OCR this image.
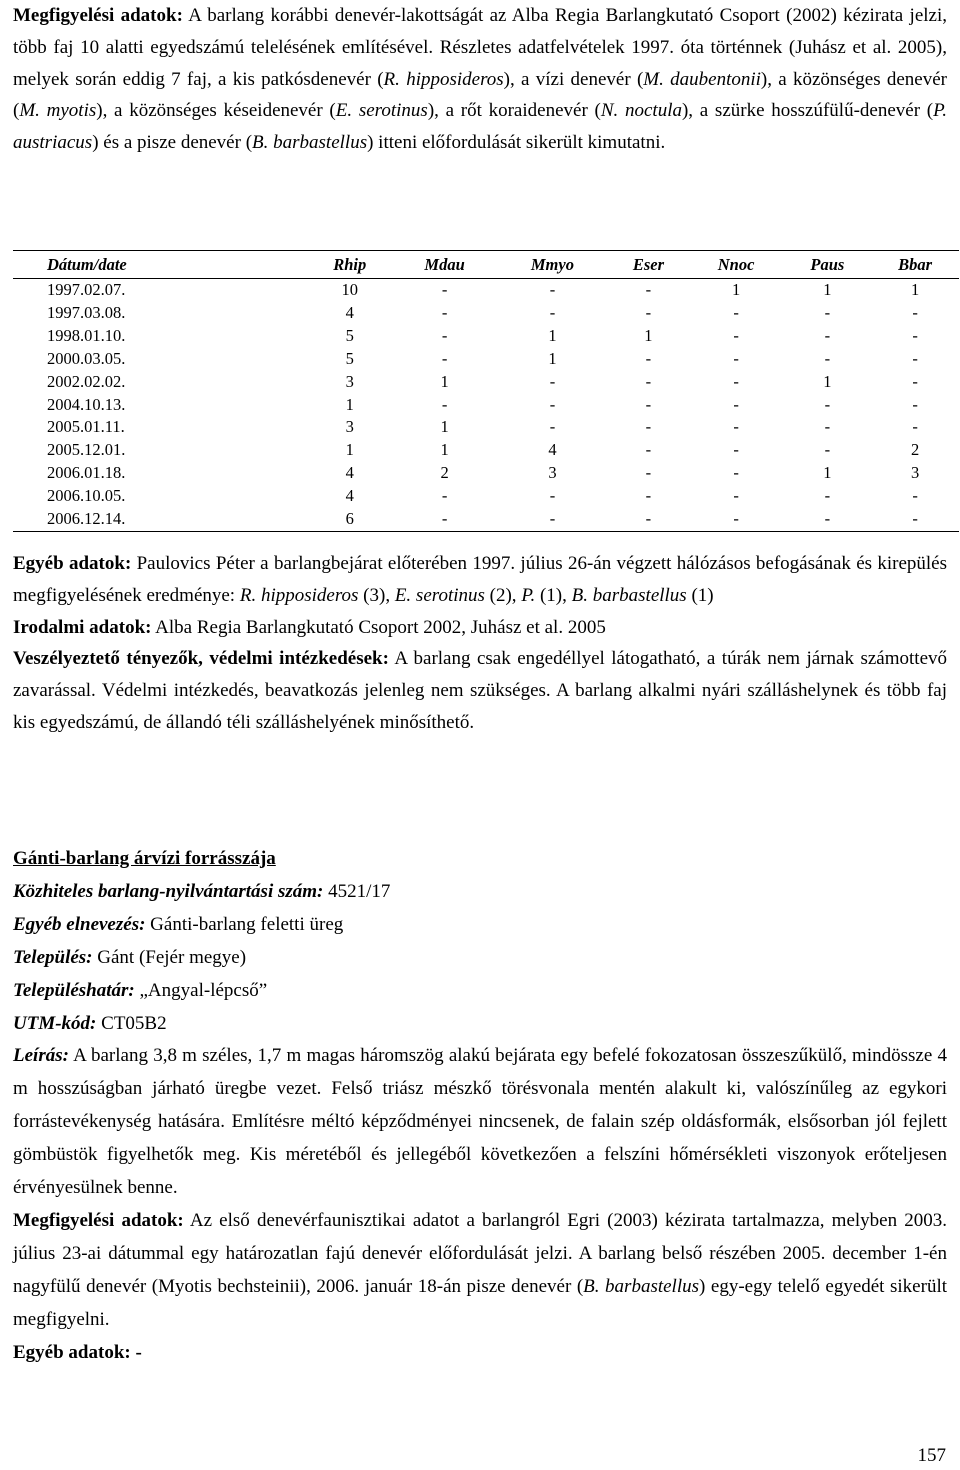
Megfigyelési adatok: A barlang korábbi denevér-lakottságát az Alba Regia Barlangkutató Csoport (2002) kézirata jelzi, több faj 10 alatti egyedszámú telelésének említésével. Részletes adatfelvételek 1997. óta történnek (Juhász et al. 2005), melyek során eddig 7 faj, a kis patkósdenevér (R. hipposideros), a vízi denevér (M. daubentonii), a közönséges denevér (M. myotis), a közönséges késeidenevér (E. serotinus), a rőt koraidenevér (N. noctula), a szürke hosszúfülű-denevér (P. austriacus) és a pisze denevér (B. barbastellus) itteni előfordulását sikerült kimutatni.

Dátum/date	Rhip	Mdau	Mmyo	Eser	Nnoc	Paus	Bbar
1997.02.07.	10	-	-	-	1	1	1
1997.03.08.	4	-	-	-	-	-	-
1998.01.10.	5	-	1	1	-	-	-
2000.03.05.	5	-	1	-	-	-	-
2002.02.02.	3	1	-	-	-	1	-
2004.10.13.	1	-	-	-	-	-	-
2005.01.11.	3	1	-	-	-	-	-
2005.12.01.	1	1	4	-	-	-	2
2006.01.18.	4	2	3	-	-	1	3
2006.10.05.	4	-	-	-	-	-	-
2006.12.14.	6	-	-	-	-	-	-

Egyéb adatok: Paulovics Péter a barlangbejárat előterében 1997. július 26-án végzett hálózásos befogásának és kirepülés megfigyelésének eredménye: R. hipposideros (3), E. serotinus (2), P. (1), B. barbastellus (1)

Irodalmi adatok: Alba Regia Barlangkutató Csoport 2002, Juhász et al. 2005

Veszélyeztető tényezők, védelmi intézkedések: A barlang csak engedéllyel látogatható, a túrák nem járnak számottevő zavarással. Védelmi intézkedés, beavatkozás jelenleg nem szükséges. A barlang alkalmi nyári szálláshelynek és több faj kis egyedszámú, de állandó téli szálláshelyének minősíthető.

Gánti-barlang árvízi forrásszája

Közhiteles barlang-nyilvántartási szám: 4521/17

Egyéb elnevezés: Gánti-barlang feletti üreg

Település: Gánt (Fejér megye)

Településhatár: „Angyal-lépcső”

UTM-kód: CT05B2

Leírás: A barlang 3,8 m széles, 1,7 m magas háromszög alakú bejárata egy befelé fokozatosan összeszűkülő, mindössze 4 m hosszúságban járható üregbe vezet. Felső triász mészkő törésvonala mentén alakult ki, valószínűleg az egykori forrástevékenység hatására. Említésre méltó képződményei nincsenek, de falain szép oldásformák, elsősorban jól fejlett gömbüstök figyelhetők meg. Kis méretéből és jellegéből következően a felszíni hőmérsékleti viszonyok erőteljesen érvényesülnek benne.

Megfigyelési adatok: Az első denevérfaunisztikai adatot a barlangról Egri (2003) kézirata tartalmazza, melyben 2003. július 23-ai dátummal egy határozatlan fajú denevér előfordulását jelzi. A barlang belső részében 2005. december 1-én nagyfülű denevér (Myotis bechsteinii), 2006. január 18-án pisze denevér (B. barbastellus) egy-egy telelő egyedét sikerült megfigyelni.

Egyéb adatok: -

157
